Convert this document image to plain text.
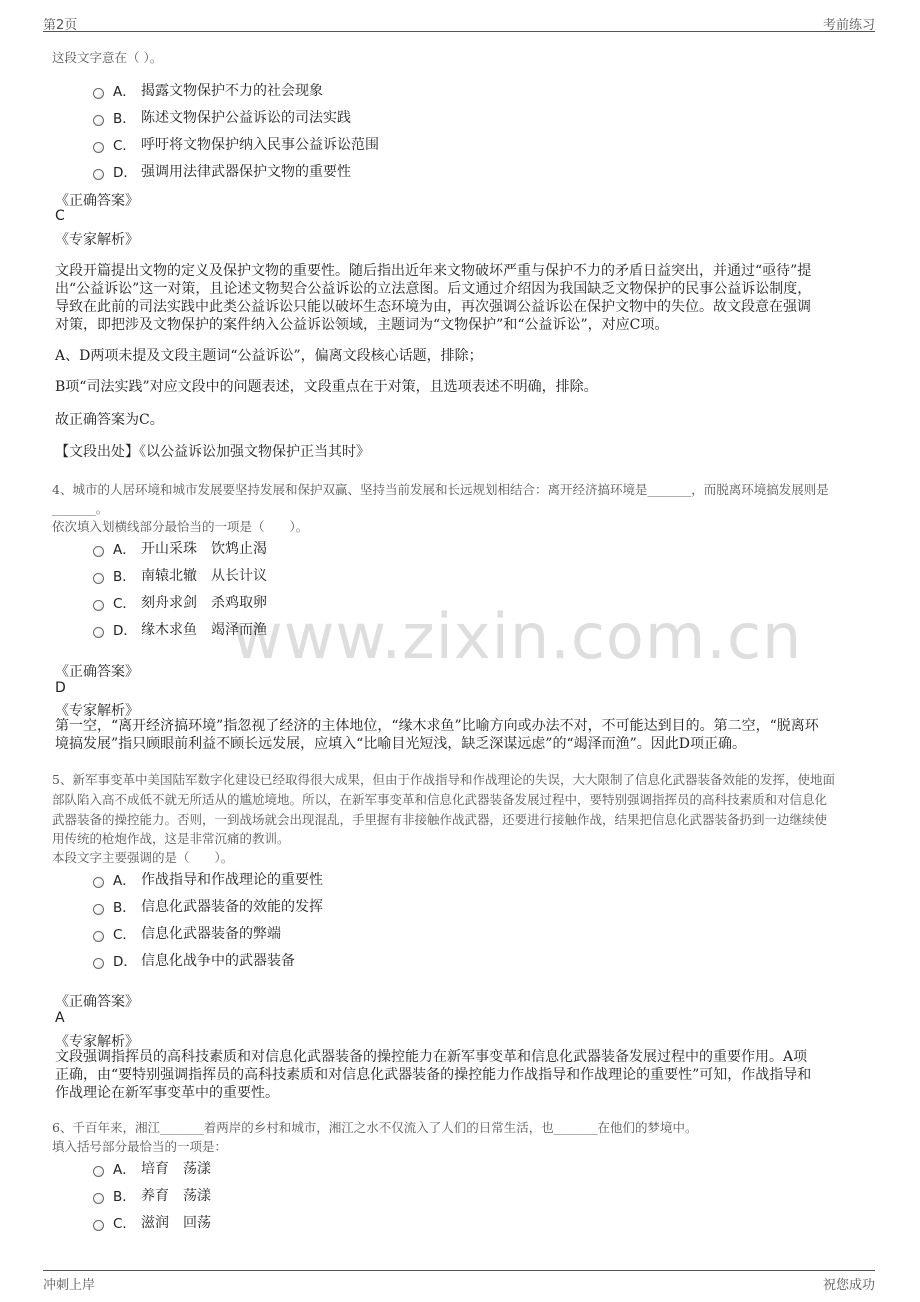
www.zixin.com.cn
第2页	考前练习
这段文字意在（ ）。
A． 揭露文物保护不力的社会现象
B． 陈述文物保护公益诉讼的司法实践
C． 呼吁将文物保护纳入民事公益诉讼范围
D． 强调用法律武器保护文物的重要性
《正确答案》
C
《专家解析》
文段开篇提出文物的定义及保护文物的重要性。随后指出近年来文物破坏严重与保护不力的矛盾日益突出，并通过“亟待”提
出“公益诉讼”这一对策，且论述文物契合公益诉讼的立法意图。后文通过介绍因为我国缺乏文物保护的民事公益诉讼制度，
导致在此前的司法实践中此类公益诉讼只能以破坏生态环境为由，再次强调公益诉讼在保护文物中的失位。故文段意在强调
对策，即把涉及文物保护的案件纳入公益诉讼领域，主题词为“文物保护”和“公益诉讼”，对应C项。
A、D两项未提及文段主题词“公益诉讼”，偏离文段核心话题，排除；
B项“司法实践”对应文段中的问题表述，文段重点在于对策，且选项表述不明确，排除。
故正确答案为C。
【文段出处】《以公益诉讼加强文物保护正当其时》
4、城市的人居环境和城市发展要坚持发展和保护双赢、坚持当前发展和长远规划相结合：离开经济搞环境是_______，而脱离环境搞发展则是
_______。
依次填入划横线部分最恰当的一项是（　　）。
A． 开山采珠　饮鸩止渴
B． 南辕北辙　从长计议
C． 刻舟求剑　杀鸡取卵
D． 缘木求鱼　竭泽而渔
《正确答案》
D
《专家解析》
第一空，“离开经济搞环境”指忽视了经济的主体地位，“缘木求鱼”比喻方向或办法不对，不可能达到目的。第二空，“脱离环
境搞发展”指只顾眼前利益不顾长远发展，应填入“比喻目光短浅，缺乏深谋远虑”的“竭泽而渔”。因此D项正确。
5、新军事变革中美国陆军数字化建设已经取得很大成果，但由于作战指导和作战理论的失误，大大限制了信息化武器装备效能的发挥，使地面
部队陷入高不成低不就无所适从的尴尬境地。所以，在新军事变革和信息化武器装备发展过程中，要特别强调指挥员的高科技素质和对信息化
武器装备的操控能力。否则，一到战场就会出现混乱，手里握有非接触作战武器，还要进行接触作战，结果把信息化武器装备扔到一边继续使
用传统的枪炮作战，这是非常沉痛的教训。
本段文字主要强调的是（　　）。
A． 作战指导和作战理论的重要性
B． 信息化武器装备的效能的发挥
C． 信息化武器装备的弊端
D． 信息化战争中的武器装备
《正确答案》
A
《专家解析》
文段强调指挥员的高科技素质和对信息化武器装备的操控能力在新军事变革和信息化武器装备发展过程中的重要作用。A项
正确，由“要特别强调指挥员的高科技素质和对信息化武器装备的操控能力作战指导和作战理论的重要性”可知，作战指导和
作战理论在新军事变革中的重要性。
6、千百年来，湘江_______着两岸的乡村和城市，湘江之水不仅流入了人们的日常生活，也_______在他们的梦境中。
填入括号部分最恰当的一项是：
A． 培育　荡漾
B． 养育　荡漾
C． 滋润　回荡
冲刺上岸	祝您成功
